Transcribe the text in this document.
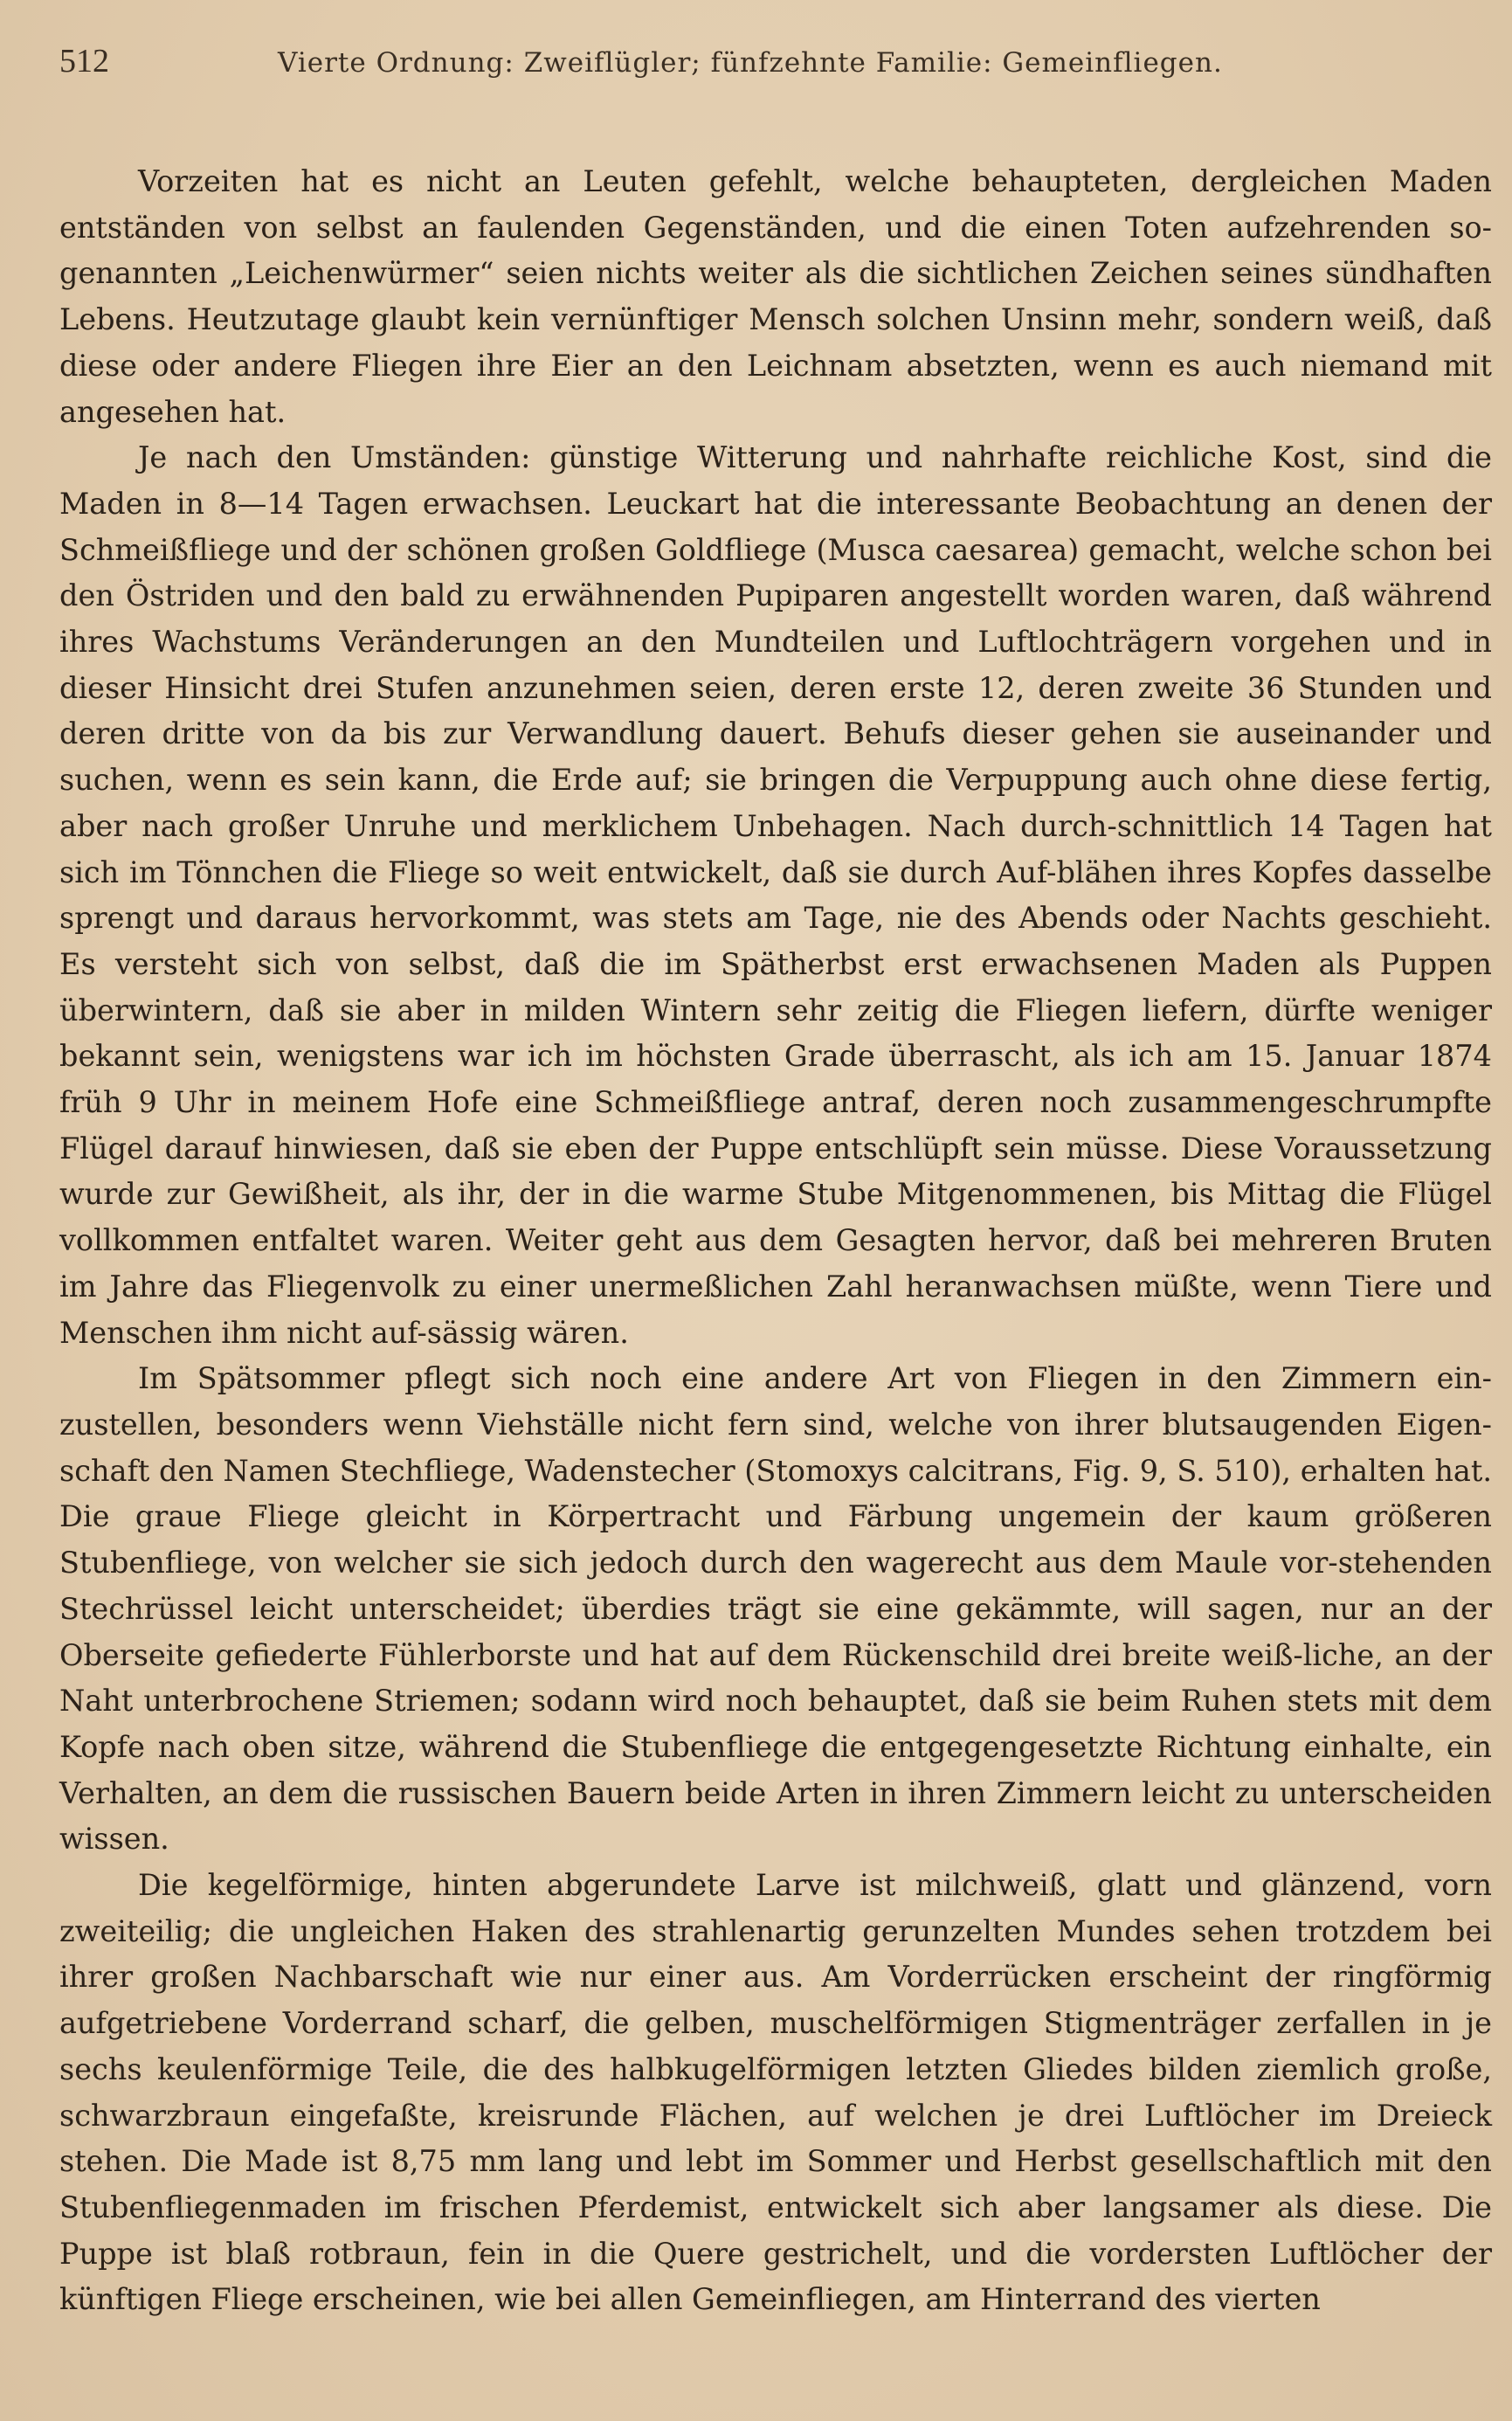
512	Vierte Ordnung: Zweiflügler; fünfzehnte Familie: Gemeinfliegen.

Vorzeiten hat es nicht an Leuten gefehlt, welche behaupteten, dergleichen Maden entständen von selbst an faulenden Gegenständen, und die einen Toten aufzehrenden so-genannten „Leichenwürmer“ seien nichts weiter als die sichtlichen Zeichen seines sündhaften Lebens. Heutzutage glaubt kein vernünftiger Mensch solchen Unsinn mehr, sondern weiß, daß diese oder andere Fliegen ihre Eier an den Leichnam absetzten, wenn es auch niemand mit angesehen hat.

Je nach den Umständen: günstige Witterung und nahrhafte reichliche Kost, sind die Maden in 8—14 Tagen erwachsen. Leuckart hat die interessante Beobachtung an denen der Schmeißfliege und der schönen großen Goldfliege (Musca caesarea) gemacht, welche schon bei den Östriden und den bald zu erwähnenden Pupiparen angestellt worden waren, daß während ihres Wachstums Veränderungen an den Mundteilen und Luftlochträgern vorgehen und in dieser Hinsicht drei Stufen anzunehmen seien, deren erste 12, deren zweite 36 Stunden und deren dritte von da bis zur Verwandlung dauert. Behufs dieser gehen sie auseinander und suchen, wenn es sein kann, die Erde auf; sie bringen die Verpuppung auch ohne diese fertig, aber nach großer Unruhe und merklichem Unbehagen. Nach durch-schnittlich 14 Tagen hat sich im Tönnchen die Fliege so weit entwickelt, daß sie durch Auf-blähen ihres Kopfes dasselbe sprengt und daraus hervorkommt, was stets am Tage, nie des Abends oder Nachts geschieht. Es versteht sich von selbst, daß die im Spätherbst erst erwachsenen Maden als Puppen überwintern, daß sie aber in milden Wintern sehr zeitig die Fliegen liefern, dürfte weniger bekannt sein, wenigstens war ich im höchsten Grade überrascht, als ich am 15. Januar 1874 früh 9 Uhr in meinem Hofe eine Schmeißfliege antraf, deren noch zusammengeschrumpfte Flügel darauf hinwiesen, daß sie eben der Puppe entschlüpft sein müsse. Diese Voraussetzung wurde zur Gewißheit, als ihr, der in die warme Stube Mitgenommenen, bis Mittag die Flügel vollkommen entfaltet waren. Weiter geht aus dem Gesagten hervor, daß bei mehreren Bruten im Jahre das Fliegenvolk zu einer unermeßlichen Zahl heranwachsen müßte, wenn Tiere und Menschen ihm nicht auf-sässig wären.

Im Spätsommer pflegt sich noch eine andere Art von Fliegen in den Zimmern ein-zustellen, besonders wenn Viehställe nicht fern sind, welche von ihrer blutsaugenden Eigen-schaft den Namen Stechfliege, Wadenstecher (Stomoxys calcitrans, Fig. 9, S. 510), erhalten hat. Die graue Fliege gleicht in Körpertracht und Färbung ungemein der kaum größeren Stubenfliege, von welcher sie sich jedoch durch den wagerecht aus dem Maule vor-stehenden Stechrüssel leicht unterscheidet; überdies trägt sie eine gekämmte, will sagen, nur an der Oberseite gefiederte Fühlerborste und hat auf dem Rückenschild drei breite weiß-liche, an der Naht unterbrochene Striemen; sodann wird noch behauptet, daß sie beim Ruhen stets mit dem Kopfe nach oben sitze, während die Stubenfliege die entgegengesetzte Richtung einhalte, ein Verhalten, an dem die russischen Bauern beide Arten in ihren Zimmern leicht zu unterscheiden wissen.

Die kegelförmige, hinten abgerundete Larve ist milchweiß, glatt und glänzend, vorn zweiteilig; die ungleichen Haken des strahlenartig gerunzelten Mundes sehen trotzdem bei ihrer großen Nachbarschaft wie nur einer aus. Am Vorderrücken erscheint der ringförmig aufgetriebene Vorderrand scharf, die gelben, muschelförmigen Stigmenträger zerfallen in je sechs keulenförmige Teile, die des halbkugelförmigen letzten Gliedes bilden ziemlich große, schwarzbraun eingefaßte, kreisrunde Flächen, auf welchen je drei Luftlöcher im Dreieck stehen. Die Made ist 8,75 mm lang und lebt im Sommer und Herbst gesellschaftlich mit den Stubenfliegenmaden im frischen Pferdemist, entwickelt sich aber langsamer als diese. Die Puppe ist blaß rotbraun, fein in die Quere gestrichelt, und die vordersten Luftlöcher der künftigen Fliege erscheinen, wie bei allen Gemeinfliegen, am Hinterrand des vierten
